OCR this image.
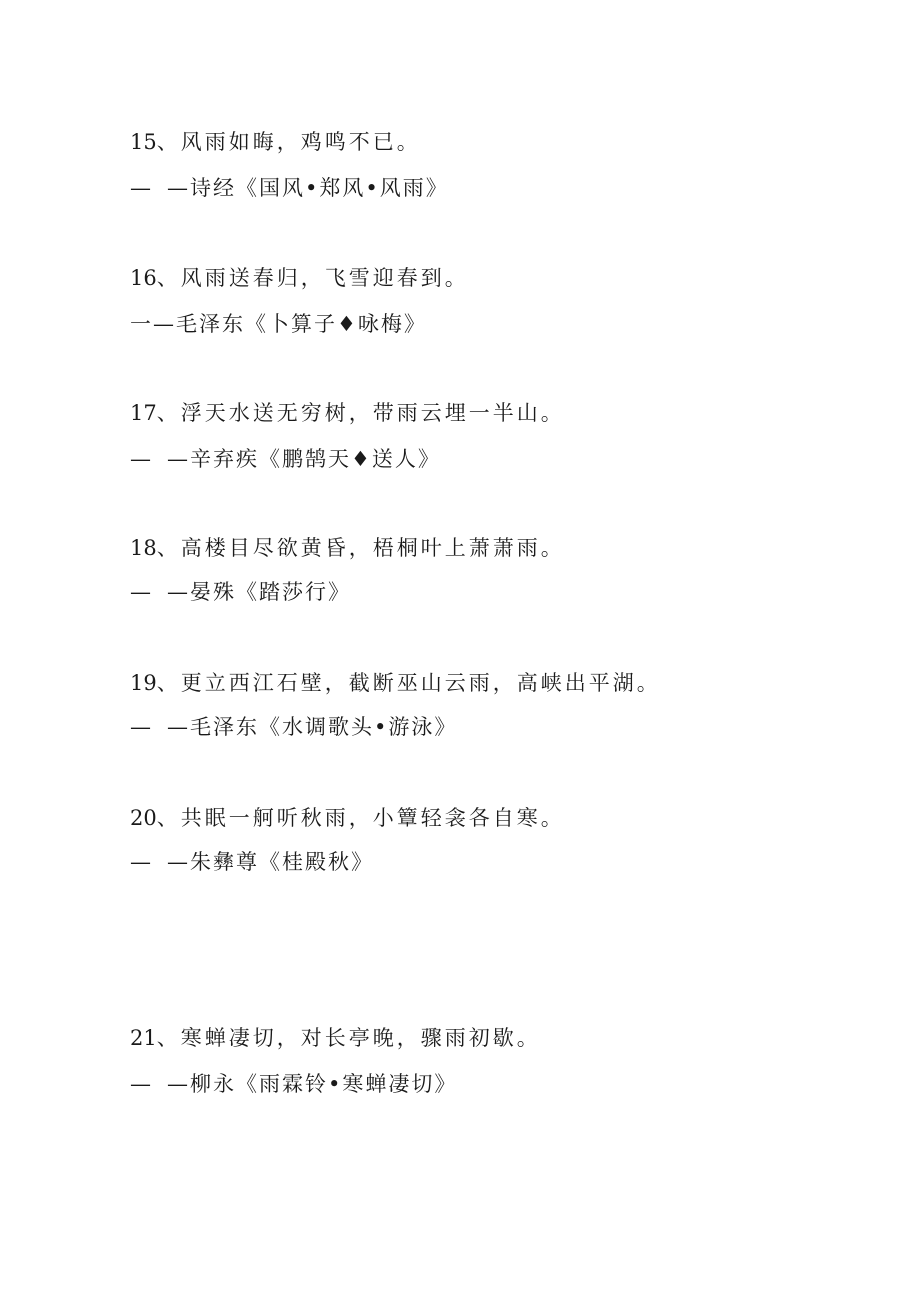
15、风雨如晦，鸡鸣不已。
— —诗经《国风•郑风•风雨》
16、风雨送春归，飞雪迎春到。
一—毛泽东《卜算子♦咏梅》
17、浮天水送无穷树，带雨云埋一半山。
— —辛弃疾《鹏鹄天♦送人》
18、高楼目尽欲黄昏，梧桐叶上萧萧雨。
— —晏殊《踏莎行》
19、更立西江石壁，截断巫山云雨，高峡出平湖。
— —毛泽东《水调歌头•游泳》
20、共眠一舸听秋雨，小簟轻衾各自寒。
— —朱彝尊《桂殿秋》
21、寒蝉凄切，对长亭晚，骤雨初歇。
— —柳永《雨霖铃•寒蝉凄切》
